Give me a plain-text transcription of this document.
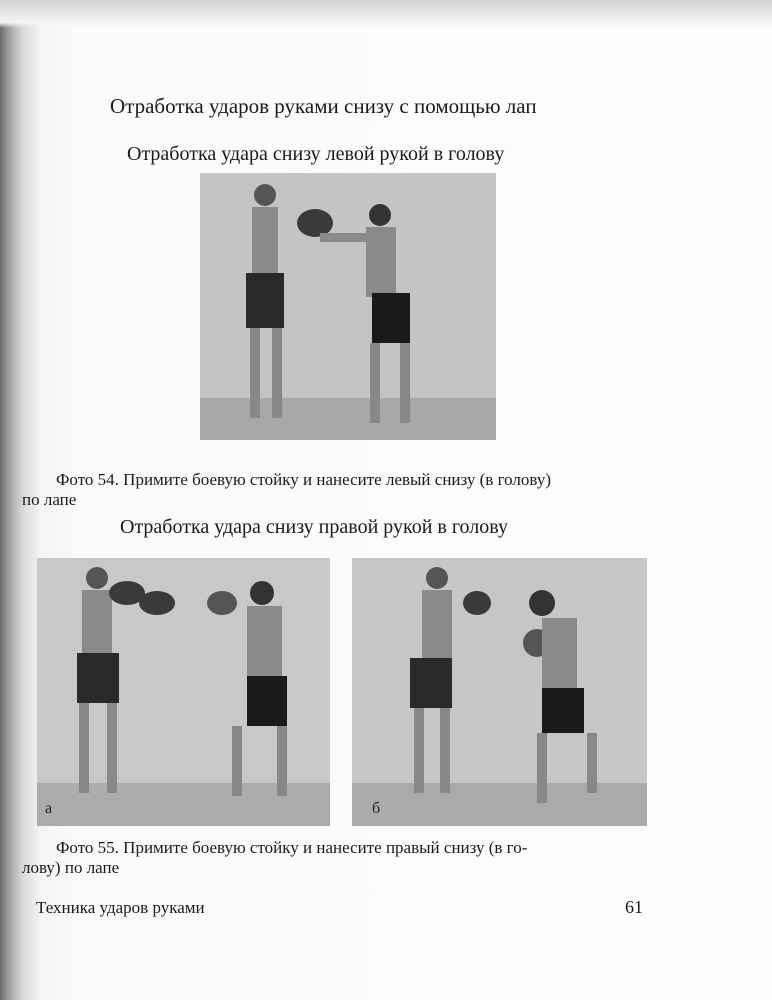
Отработка ударов руками снизу с помощью лап
Отработка удара снизу левой рукой в голову
Фото 54. Примите боевую стойку и нанесите левый снизу (в голову)
по лапе
Отработка удара снизу правой рукой в голову
а	б
Фото 55. Примите боевую стойку и нанесите правый снизу (в го-
лову) по лапе
Техника ударов руками	61
